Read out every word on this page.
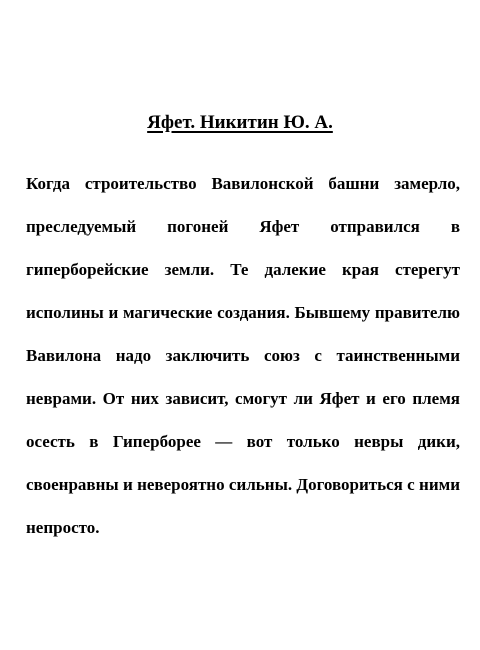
Яфет. Никитин Ю. А.

Когда строительство Вавилонской башни замерло, преследуемый погоней Яфет отправился в гиперборейские земли. Те далекие края стерегут исполины и магические создания. Бывшему правителю Вавилона надо заключить союз с таинственными неврами. От них зависит, смогут ли Яфет и его племя осесть в Гиперборее — вот только невры дики, своенравны и невероятно сильны. Договориться с ними непросто.
